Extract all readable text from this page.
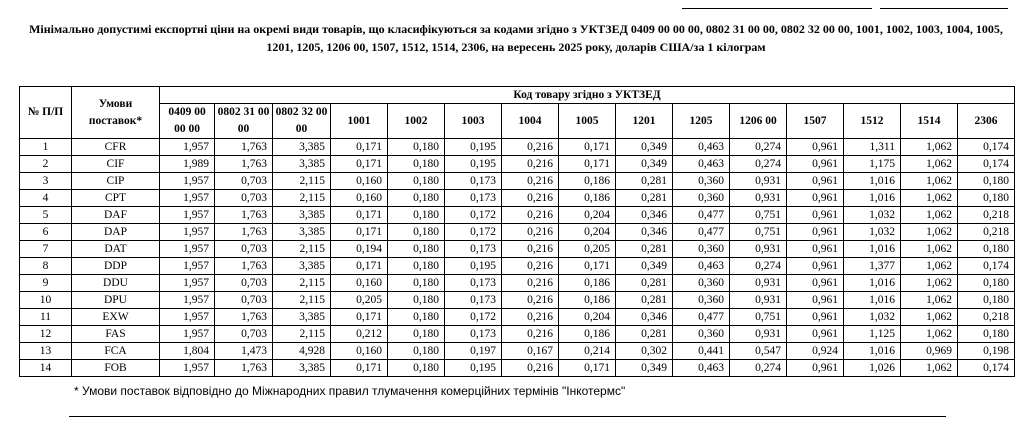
Мінімально допустимі експортні ціни на окремі види товарів, що класифікуються за кодами згідно з УКТЗЕД 0409 00 00 00, 0802 31 00 00, 0802 32 00 00, 1001, 1002, 1003, 1004, 1005, 1201, 1205, 1206 00, 1507, 1512, 1514, 2306, на вересень 2025 року, доларів США/за 1 кілограм
№ П/П	Умови поставок*	Код товару згідно з УКТЗЕД														
		0409 00 00 00	0802 31 00 00	0802 32 00 00	1001	1002	1003	1004	1005	1201	1205	1206 00	1507	1512	1514	2306
1	CFR	1,957	1,763	3,385	0,171	0,180	0,195	0,216	0,171	0,349	0,463	0,274	0,961	1,311	1,062	0,174
2	CIF	1,989	1,763	3,385	0,171	0,180	0,195	0,216	0,171	0,349	0,463	0,274	0,961	1,175	1,062	0,174
3	CIP	1,957	0,703	2,115	0,160	0,180	0,173	0,216	0,186	0,281	0,360	0,931	0,961	1,016	1,062	0,180
4	CPT	1,957	0,703	2,115	0,160	0,180	0,173	0,216	0,186	0,281	0,360	0,931	0,961	1,016	1,062	0,180
5	DAF	1,957	1,763	3,385	0,171	0,180	0,172	0,216	0,204	0,346	0,477	0,751	0,961	1,032	1,062	0,218
6	DAP	1,957	1,763	3,385	0,171	0,180	0,172	0,216	0,204	0,346	0,477	0,751	0,961	1,032	1,062	0,218
7	DAT	1,957	0,703	2,115	0,194	0,180	0,173	0,216	0,205	0,281	0,360	0,931	0,961	1,016	1,062	0,180
8	DDP	1,957	1,763	3,385	0,171	0,180	0,195	0,216	0,171	0,349	0,463	0,274	0,961	1,377	1,062	0,174
9	DDU	1,957	0,703	2,115	0,160	0,180	0,173	0,216	0,186	0,281	0,360	0,931	0,961	1,016	1,062	0,180
10	DPU	1,957	0,703	2,115	0,205	0,180	0,173	0,216	0,186	0,281	0,360	0,931	0,961	1,016	1,062	0,180
11	EXW	1,957	1,763	3,385	0,171	0,180	0,172	0,216	0,204	0,346	0,477	0,751	0,961	1,032	1,062	0,218
12	FAS	1,957	0,703	2,115	0,212	0,180	0,173	0,216	0,186	0,281	0,360	0,931	0,961	1,125	1,062	0,180
13	FCA	1,804	1,473	4,928	0,160	0,180	0,197	0,167	0,214	0,302	0,441	0,547	0,924	1,016	0,969	0,198
14	FOB	1,957	1,763	3,385	0,171	0,180	0,195	0,216	0,171	0,349	0,463	0,274	0,961	1,026	1,062	0,174
* Умови поставок відповідно до Міжнародних правил тлумачення комерційних термінів "Інкотермс"
